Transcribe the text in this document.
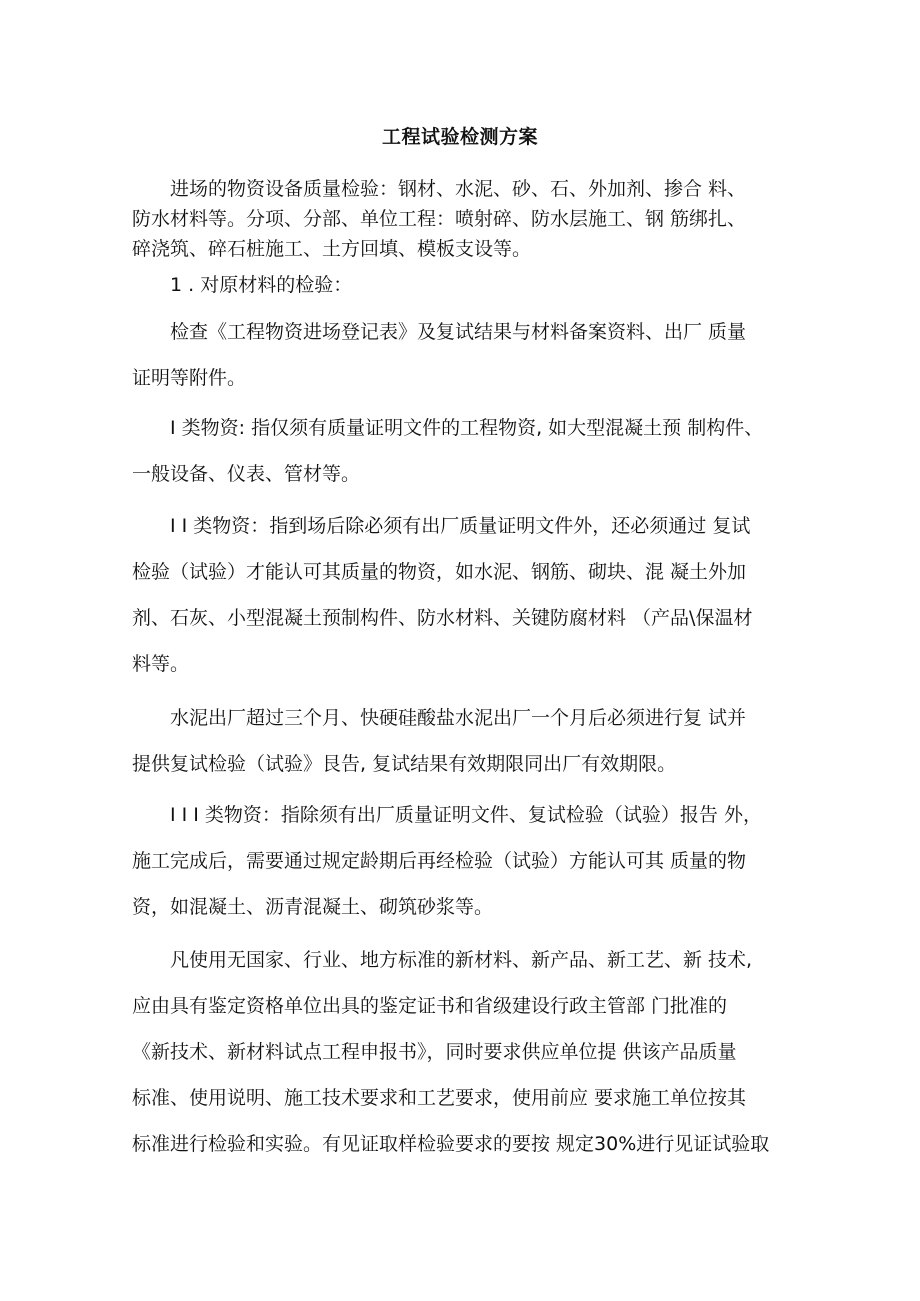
工程试验检测方案
进场的物资设备质量检验：钢材、水泥、砂、石、外加剂、掺合 料、
防水材料等。分项、分部、单位工程：喷射碎、防水层施工、钢 筋绑扎、
碎浇筑、碎石桩施工、土方回填、模板支设等。
1 . 对原材料的检验：
检查《工程物资进场登记表》及复试结果与材料备案资料、出厂 质量
证明等附件。
I 类物资: 指仅须有质量证明文件的工程物资, 如大型混凝土预 制构件、
一般设备、仪表、管材等。
I I 类物资：指到场后除必须有出厂质量证明文件外，还必须通过 复试
检验（试验）才能认可其质量的物资，如水泥、钢筋、砌块、混 凝土外加
剂、石灰、小型混凝土预制构件、防水材料、关键防腐材料 （产品\保温材
料等。
水泥出厂超过三个月、快硬硅酸盐水泥出厂一个月后必须进行复 试并
提供复试检验（试验》艮告, 复试结果有效期限同出厂有效期限。
I I I 类物资：指除须有出厂质量证明文件、复试检验（试验）报告 外，
施工完成后，需要通过规定龄期后再经检验（试验）方能认可其 质量的物
资，如混凝土、沥青混凝土、砌筑砂浆等。
凡使用无国家、行业、地方标准的新材料、新产品、新工艺、新 技术,
应由具有鉴定资格单位出具的鉴定证书和省级建设行政主管部 门批准的
《新技术、新材料试点工程申报书》，同时要求供应单位提 供该产品质量
标准、使用说明、施工技术要求和工艺要求，使用前应 要求施工单位按其
标准进行检验和实验。有见证取样检验要求的要按 规定30%进行见证试验取
